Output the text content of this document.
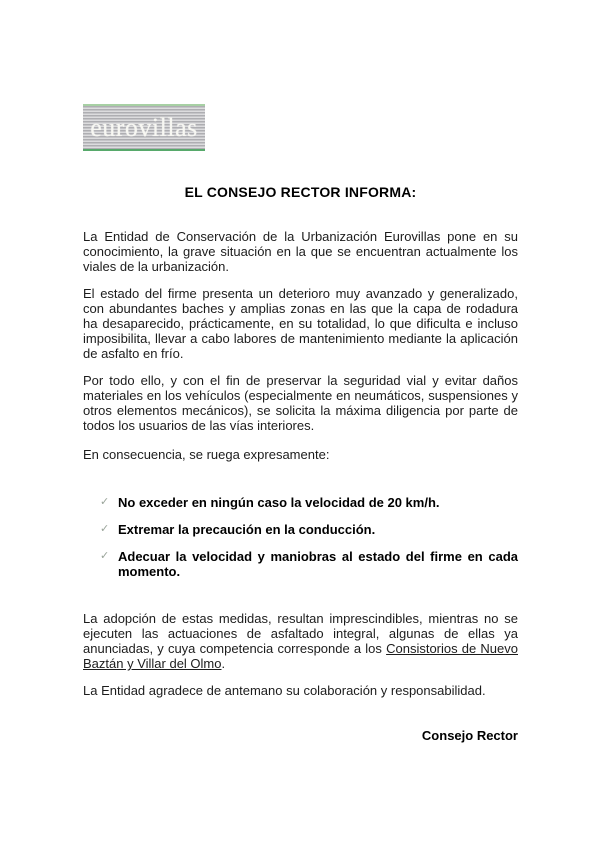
eurovillas
EL CONSEJO RECTOR INFORMA:

La Entidad de Conservación de la Urbanización Eurovillas pone en su conocimiento, la grave situación en la que se encuentran actualmente los viales de la urbanización.

El estado del firme presenta un deterioro muy avanzado y generalizado, con abundantes baches y amplias zonas en las que la capa de rodadura ha desaparecido, prácticamente, en su totalidad, lo que dificulta e incluso imposibilita, llevar a cabo labores de mantenimiento mediante la aplicación de asfalto en frío.

Por todo ello, y con el fin de preservar la seguridad vial y evitar daños materiales en los vehículos (especialmente en neumáticos, suspensiones y otros elementos mecánicos), se solicita la máxima diligencia por parte de todos los usuarios de las vías interiores.

En consecuencia, se ruega expresamente:

✓ No exceder en ningún caso la velocidad de 20 km/h.
✓ Extremar la precaución en la conducción.
✓ Adecuar la velocidad y maniobras al estado del firme en cada momento.

La adopción de estas medidas, resultan imprescindibles, mientras no se ejecuten las actuaciones de asfaltado integral, algunas de ellas ya anunciadas, y cuya competencia corresponde a los Consistorios de Nuevo Baztán y Villar del Olmo.

La Entidad agradece de antemano su colaboración y responsabilidad.

Consejo Rector
